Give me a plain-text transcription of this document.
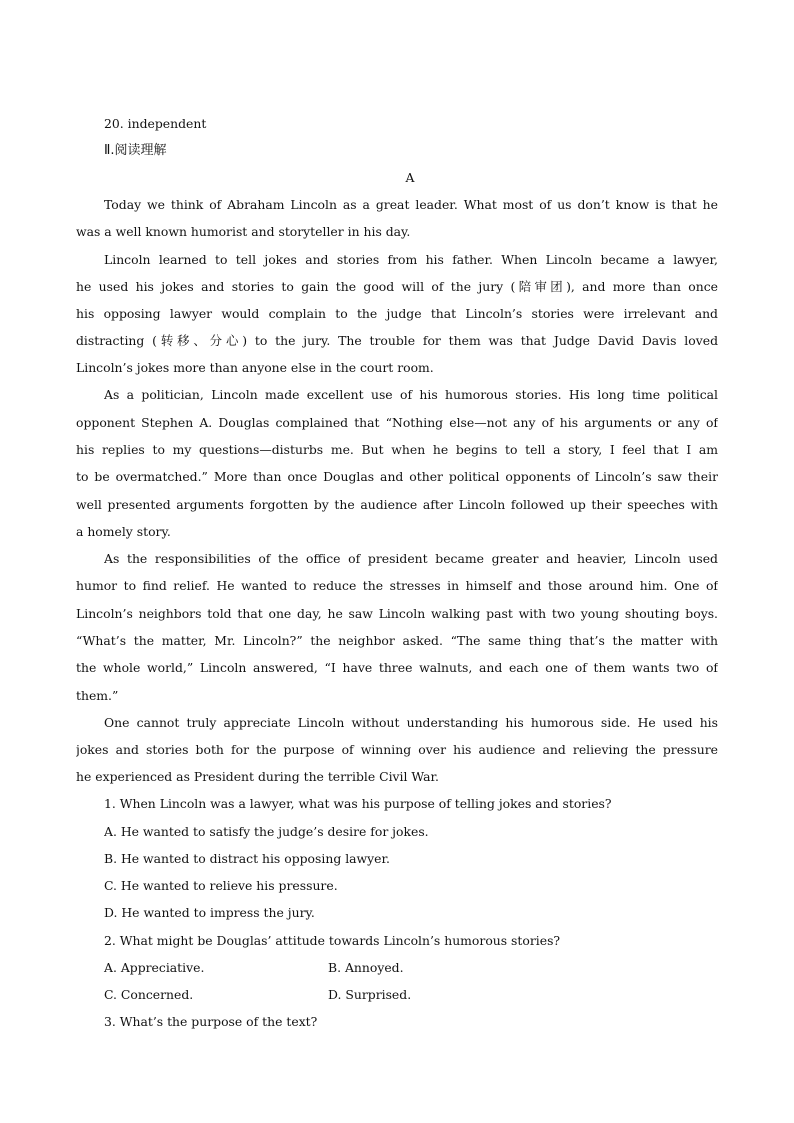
20. independent
Ⅱ.阅读理解
A
Today we think of Abraham Lincoln as a great leader. What most of us don’t know is that he
was a well known humorist and storyteller in his day.
Lincoln learned to tell jokes and stories from his father. When Lincoln became a lawyer,
he used his jokes and stories to gain the good will of the jury (陪审团), and more than once
his opposing lawyer would complain to the judge that Lincoln’s stories were irrelevant and
distracting (转移、分心) to the jury. The trouble for them was that Judge David Davis loved
Lincoln’s jokes more than anyone else in the court room.
As a politician, Lincoln made excellent use of his humorous stories. His long time political
opponent Stephen A. Douglas complained that “Nothing else—not any of his arguments or any of
his replies to my questions—disturbs me. But when he begins to tell a story, I feel that I am
to be overmatched.” More than once Douglas and other political opponents of Lincoln’s saw their
well presented arguments forgotten by the audience after Lincoln followed up their speeches with
a homely story.
As the responsibilities of the office of president became greater and heavier, Lincoln used
humor to find relief. He wanted to reduce the stresses in himself and those around him. One of
Lincoln’s neighbors told that one day, he saw Lincoln walking past with two young shouting boys.
“What’s the matter, Mr. Lincoln?” the neighbor asked. “The same thing that’s the matter with
the whole world,” Lincoln answered, “I have three walnuts, and each one of them wants two of
them.”
One cannot truly appreciate Lincoln without understanding his humorous side. He used his
jokes and stories both for the purpose of winning over his audience and relieving the pressure
he experienced as President during the terrible Civil War.
1. When Lincoln was a lawyer, what was his purpose of telling jokes and stories?
A. He wanted to satisfy the judge’s desire for jokes.
B. He wanted to distract his opposing lawyer.
C. He wanted to relieve his pressure.
D. He wanted to impress the jury.
2. What might be Douglas’ attitude towards Lincoln’s humorous stories?
A. Appreciative.	B. Annoyed.
C. Concerned.	D. Surprised.
3. What’s the purpose of the text?
